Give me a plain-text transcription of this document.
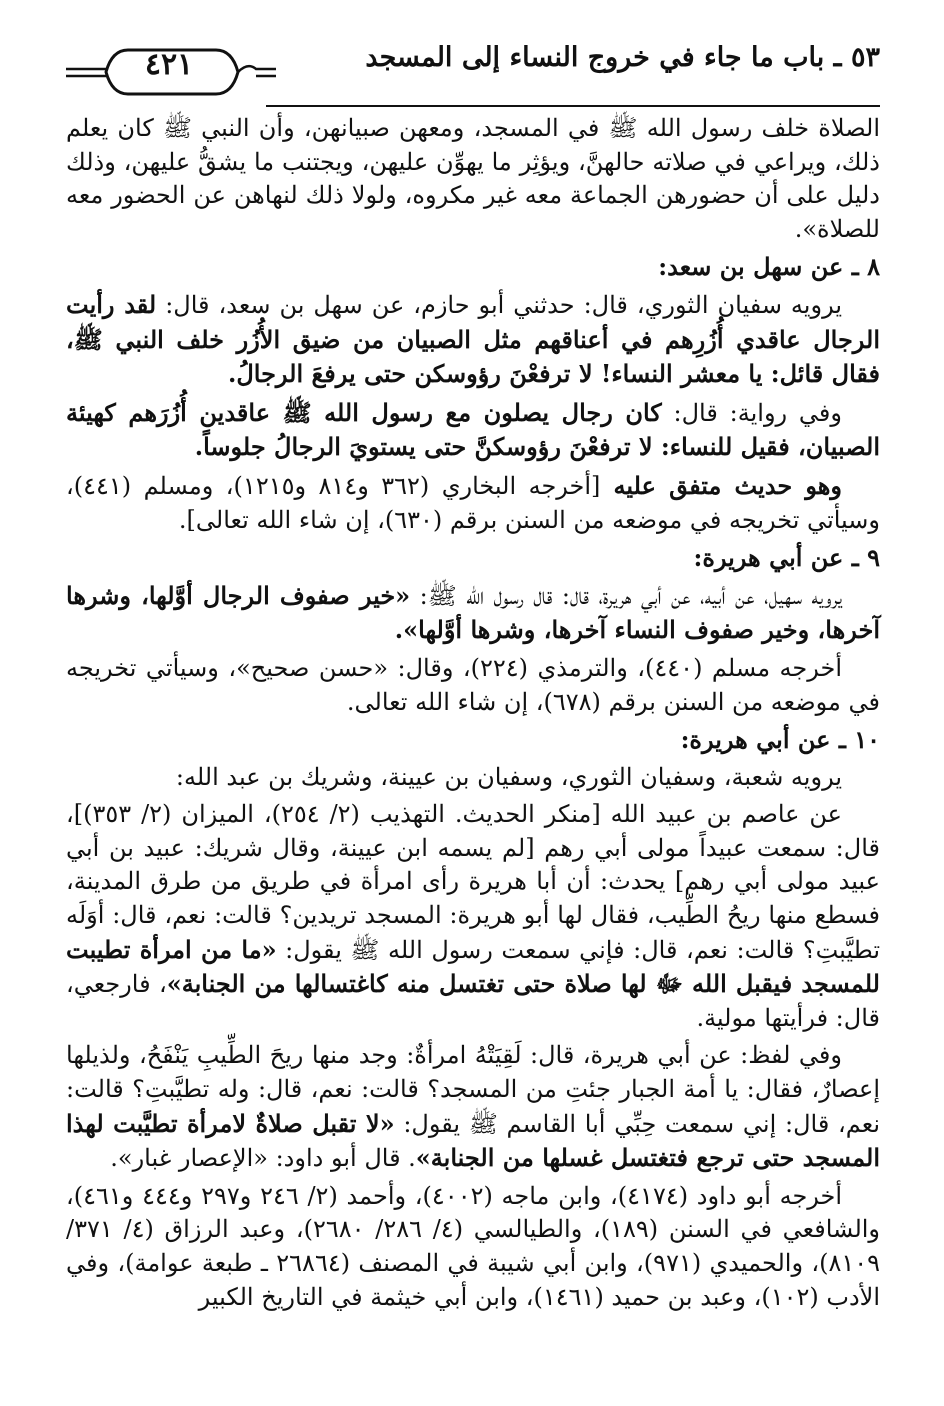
٥٣ ـ باب ما جاء في خروج النساء إلى المسجد
٤٢١

الصلاة خلف رسول الله ﷺ في المسجد، ومعهن صبيانهن، وأن النبي ﷺ كان يعلم ذلك، ويراعي في صلاته حالهنَّ، ويؤثِر ما يهوِّن عليهن، ويجتنب ما يشقُّ عليهن، وذلك دليل على أن حضورهن الجماعة معه غير مكروه، ولولا ذلك لنهاهن عن الحضور معه للصلاة».

٨ ـ عن سهل بن سعد:

يرويه سفيان الثوري، قال: حدثني أبو حازم، عن سهل بن سعد، قال: لقد رأيت الرجال عاقدي أُزُرِهم في أعناقهم مثل الصبيان من ضيق الأُزُر خلف النبي ﷺ، فقال قائل: يا معشر النساء! لا ترفعْنَ رؤوسكن حتى يرفعَ الرجالُ.

وفي رواية: قال: كان رجال يصلون مع رسول الله ﷺ عاقدين أُزُرَهم كهيئة الصبيان، فقيل للنساء: لا ترفعْنَ رؤوسكنَّ حتى يستويَ الرجالُ جلوساً.

وهو حديث متفق عليه [أخرجه البخاري (٣٦٢ و٨١٤ و١٢١٥)، ومسلم (٤٤١)، وسيأتي تخريجه في موضعه من السنن برقم (٦٣٠)، إن شاء الله تعالى].

٩ ـ عن أبي هريرة:

يرويه سهيل، عن أبيه، عن أبي هريرة، قال: قال رسول الله ﷺ: «خير صفوف الرجال أوَّلها، وشرها آخرها، وخير صفوف النساء آخرها، وشرها أوَّلها».

أخرجه مسلم (٤٤٠)، والترمذي (٢٢٤)، وقال: «حسن صحيح»، وسيأتي تخريجه في موضعه من السنن برقم (٦٧٨)، إن شاء الله تعالى.

١٠ ـ عن أبي هريرة:

يرويه شعبة، وسفيان الثوري، وسفيان بن عيينة، وشريك بن عبد الله:

عن عاصم بن عبيد الله [منكر الحديث. التهذيب (٢/ ٢٥٤)، الميزان (٢/ ٣٥٣)]، قال: سمعت عبيداً مولى أبي رهم [لم يسمه ابن عيينة، وقال شريك: عبيد بن أبي عبيد مولى أبي رهم] يحدث: أن أبا هريرة رأى امرأة في طريق من طرق المدينة، فسطع منها ريحُ الطِّيب، فقال لها أبو هريرة: المسجد تريدين؟ قالت: نعم، قال: أوَلَه تطيَّبتِ؟ قالت: نعم، قال: فإني سمعت رسول الله ﷺ يقول: «ما من امرأة تطيبت للمسجد فيقبل الله ﷻ لها صلاة حتى تغتسل منه كاغتسالها من الجنابة»، فارجعي، قال: فرأيتها مولية.

وفي لفظ: عن أبي هريرة، قال: لَقِيَتْهُ امرأةٌ: وجد منها ريحَ الطِّيبِ يَنْفَحُ، ولذيلها إعصارٌ، فقال: يا أمة الجبار جئتِ من المسجد؟ قالت: نعم، قال: وله تطيَّبتِ؟ قالت: نعم، قال: إني سمعت حِبِّي أبا القاسم ﷺ يقول: «لا تقبل صلاةٌ لامرأة تطيَّبت لهذا المسجد حتى ترجع فتغتسل غسلها من الجنابة». قال أبو داود: «الإعصار غبار».

أخرجه أبو داود (٤١٧٤)، وابن ماجه (٤٠٠٢)، وأحمد (٢/ ٢٤٦ و٢٩٧ و٤٤٤ و٤٦١)، والشافعي في السنن (١٨٩)، والطيالسي (٤/ ٢٨٦/ ٢٦٨٠)، وعبد الرزاق (٤/ ٣٧١/ ٨١٠٩)، والحميدي (٩٧١)، وابن أبي شيبة في المصنف (٢٦٨٦٤ ـ طبعة عوامة)، وفي الأدب (١٠٢)، وعبد بن حميد (١٤٦١)، وابن أبي خيثمة في التاريخ الكبير
